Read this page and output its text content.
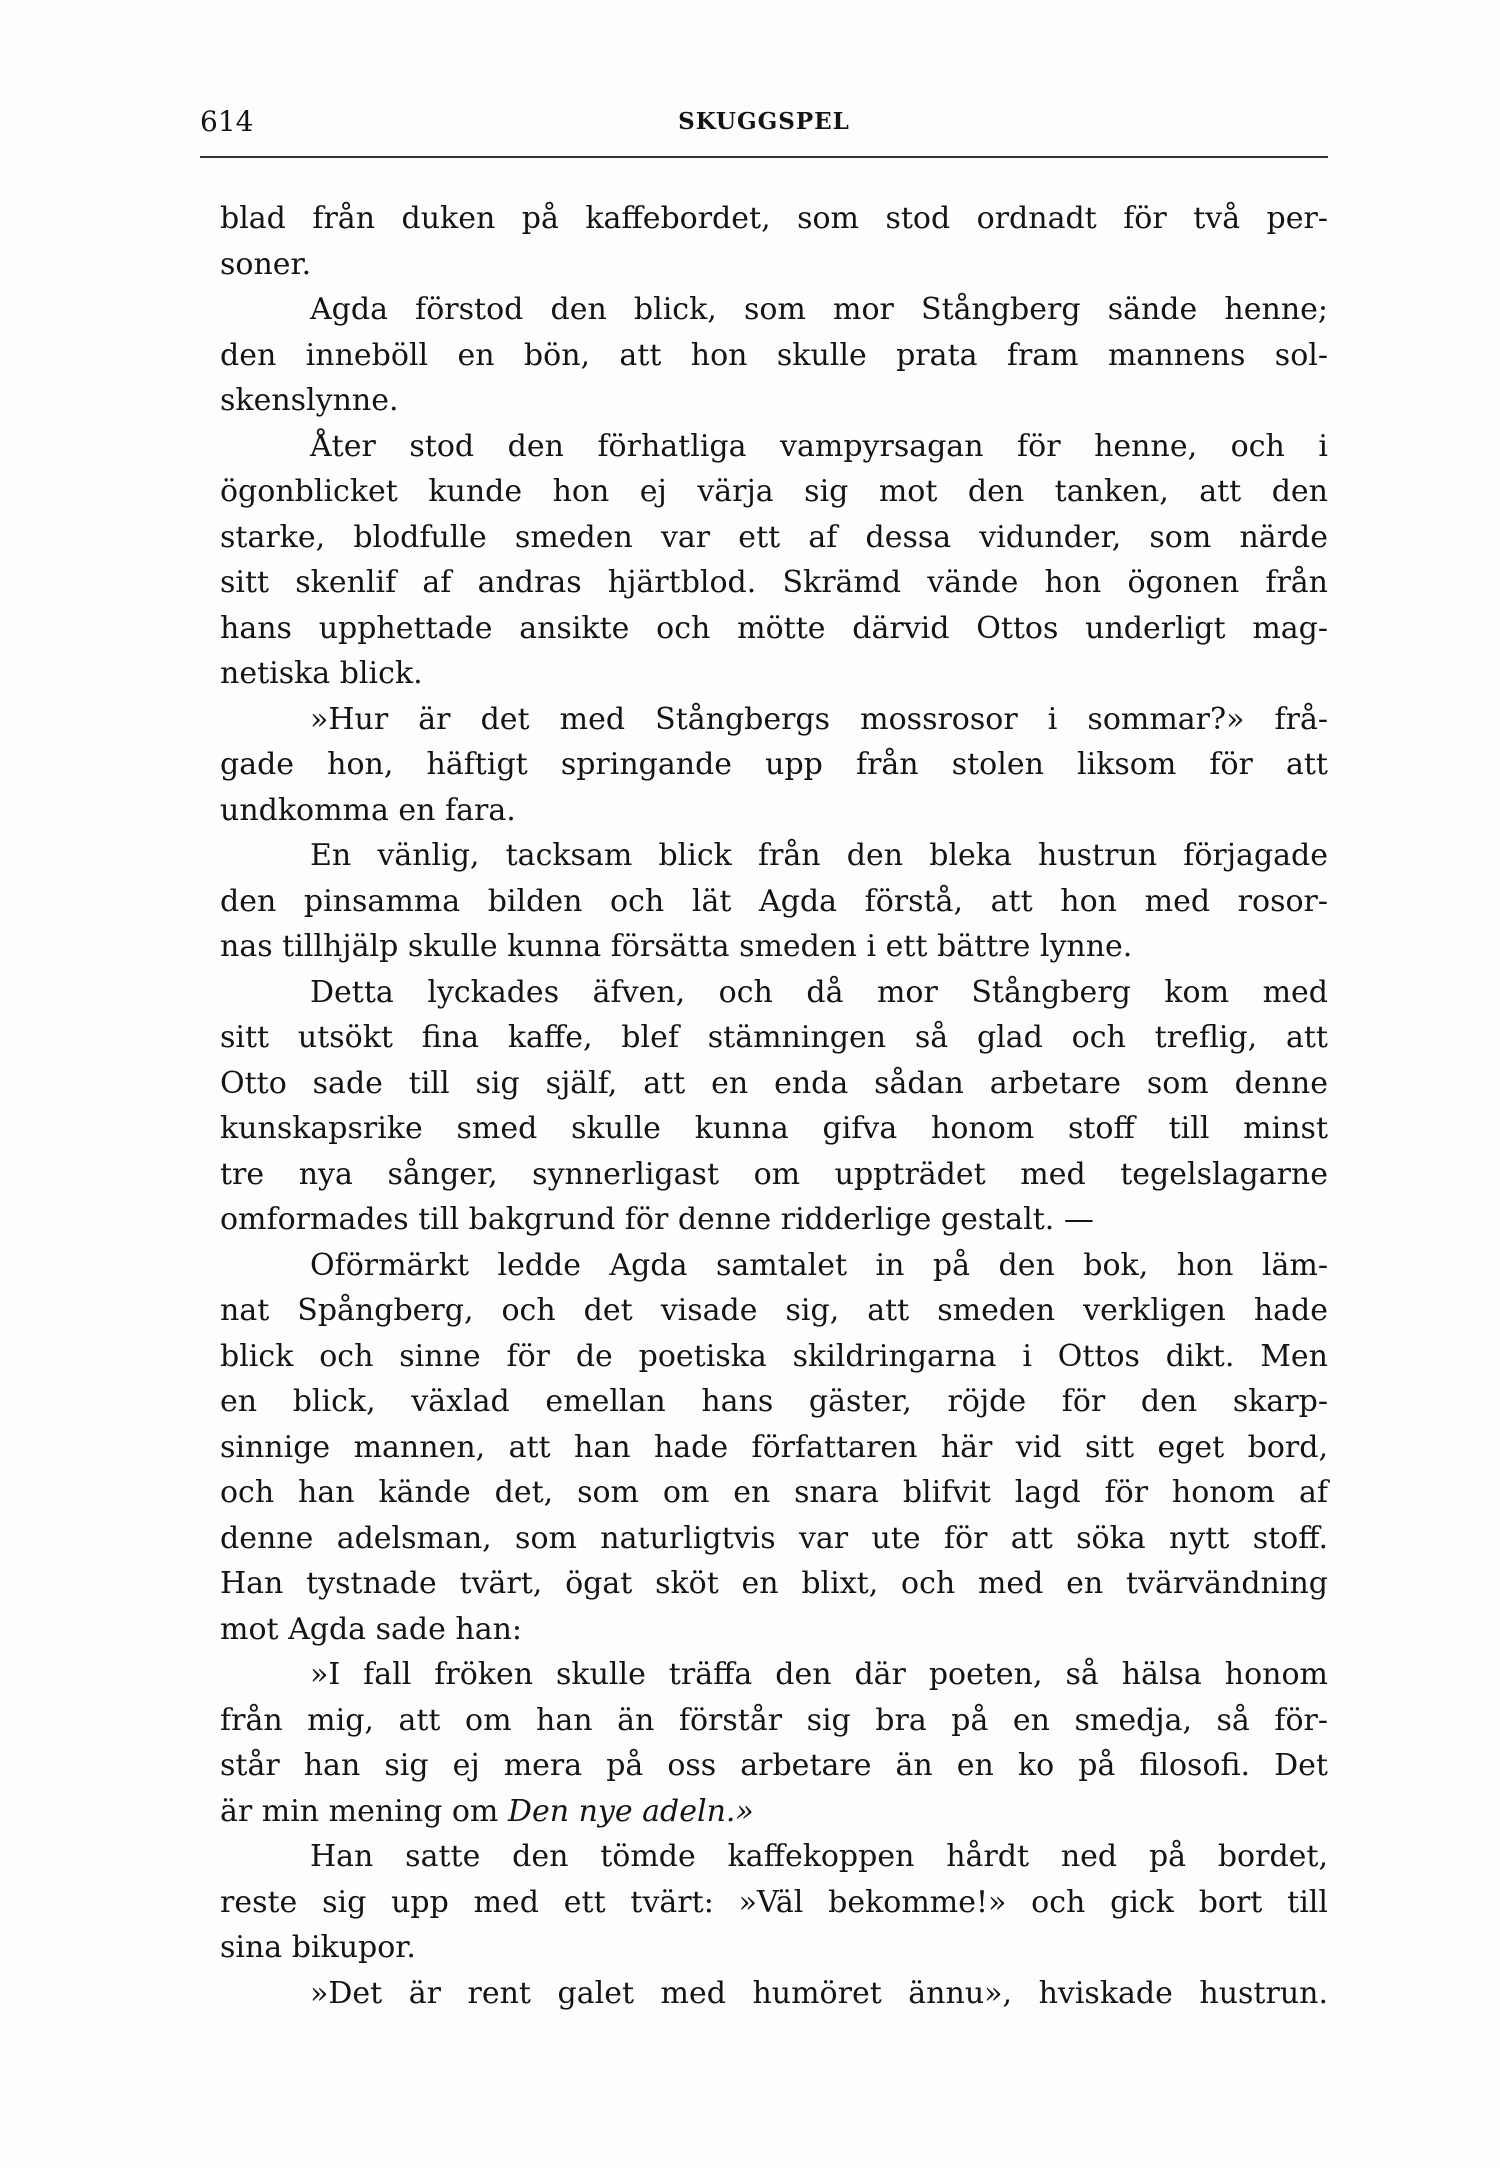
614	SKUGGSPEL
blad från duken på kaffebordet, som stod ordnadt för två per-
soner.
Agda förstod den blick, som mor Stångberg sände henne;
den inneböll en bön, att hon skulle prata fram mannens sol-
skenslynne.
Åter stod den förhatliga vampyrsagan för henne, och i
ögonblicket kunde hon ej värja sig mot den tanken, att den
starke, blodfulle smeden var ett af dessa vidunder, som närde
sitt skenlif af andras hjärtblod. Skrämd vände hon ögonen från
hans upphettade ansikte och mötte därvid Ottos underligt mag-
netiska blick.
»Hur är det med Stångbergs mossrosor i sommar?» frå-
gade hon, häftigt springande upp från stolen liksom för att
undkomma en fara.
En vänlig, tacksam blick från den bleka hustrun förjagade
den pinsamma bilden och lät Agda förstå, att hon med rosor-
nas tillhjälp skulle kunna försätta smeden i ett bättre lynne.
Detta lyckades äfven, och då mor Stångberg kom med
sitt utsökt fina kaffe, blef stämningen så glad och treflig, att
Otto sade till sig själf, att en enda sådan arbetare som denne
kunskapsrike smed skulle kunna gifva honom stoff till minst
tre nya sånger, synnerligast om uppträdet med tegelslagarne
omformades till bakgrund för denne ridderlige gestalt. —
Oförmärkt ledde Agda samtalet in på den bok, hon läm-
nat Spångberg, och det visade sig, att smeden verkligen hade
blick och sinne för de poetiska skildringarna i Ottos dikt. Men
en blick, växlad emellan hans gäster, röjde för den skarp-
sinnige mannen, att han hade författaren här vid sitt eget bord,
och han kände det, som om en snara blifvit lagd för honom af
denne adelsman, som naturligtvis var ute för att söka nytt stoff.
Han tystnade tvärt, ögat sköt en blixt, och med en tvärvändning
mot Agda sade han:
»I fall fröken skulle träffa den där poeten, så hälsa honom
från mig, att om han än förstår sig bra på en smedja, så för-
står han sig ej mera på oss arbetare än en ko på filosofi. Det
är min mening om Den nye adeln.»
Han satte den tömde kaffekoppen hårdt ned på bordet,
reste sig upp med ett tvärt: »Väl bekomme!» och gick bort till
sina bikupor.
»Det är rent galet med humöret ännu», hviskade hustrun.
